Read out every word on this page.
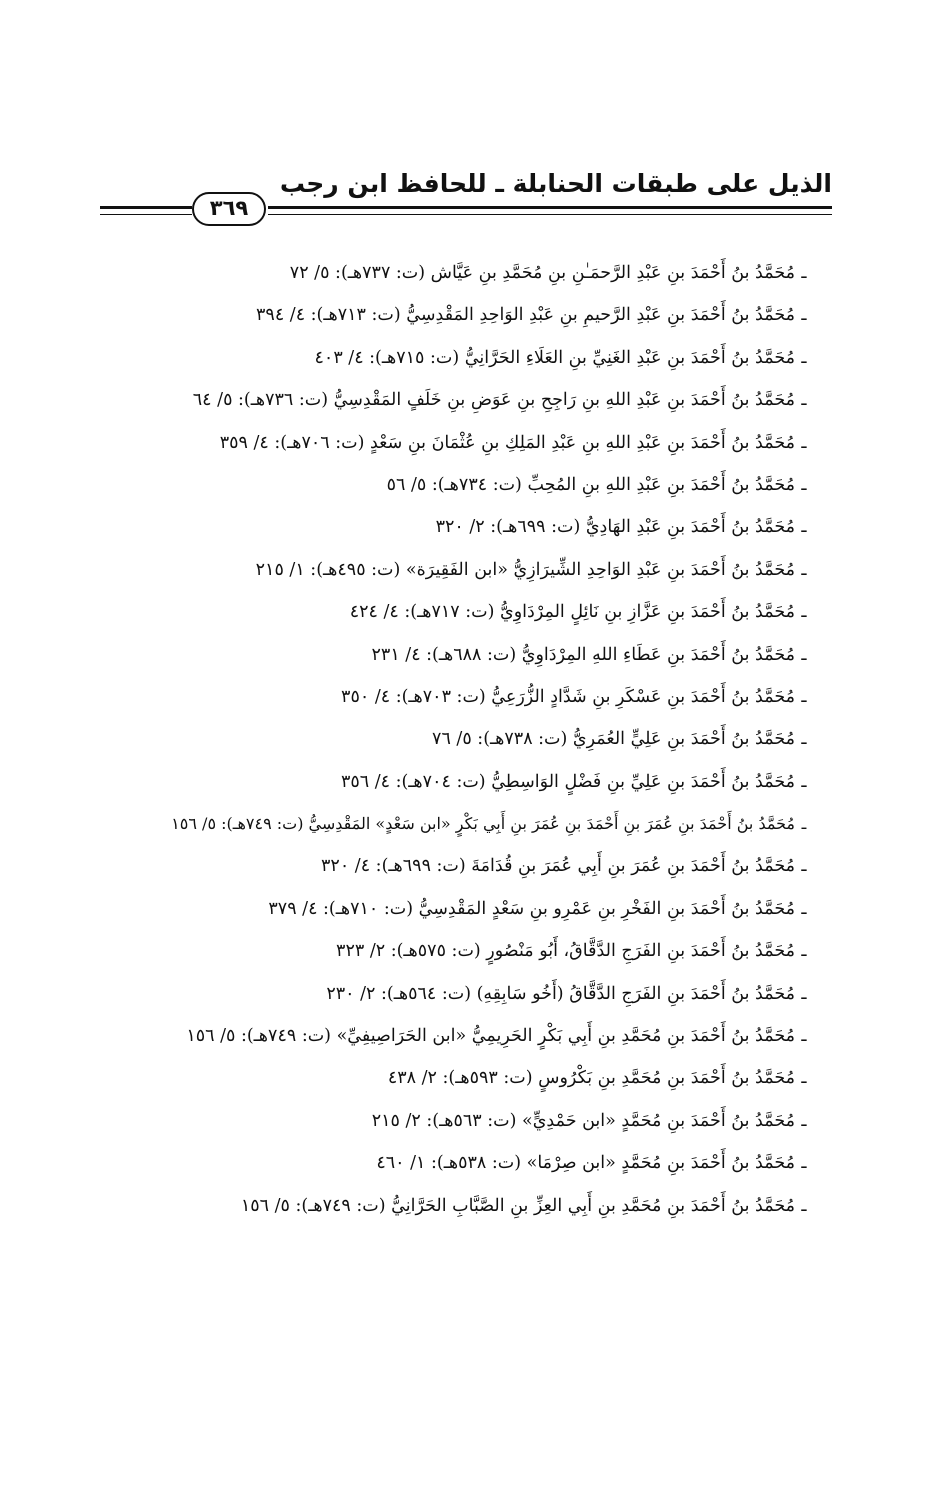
الذيل على طبقات الحنابلة ـ للحافظ ابن رجب
٣٦٩
ـ
مُحَمَّدُ بنُ أَحْمَدَ بنِ عَبْدِ الرَّحمَـٰنِ بنِ مُحَمَّدِ بنِ عَيَّاش (ت: ٧٣٧هـ): ٥/ ٧٢
ـ
مُحَمَّدُ بنُ أَحْمَدَ بنِ عَبْدِ الرَّحيمِ بنِ عَبْدِ الوَاحِدِ المَقْدِسِيُّ (ت: ٧١٣هـ): ٤/ ٣٩٤
ـ
مُحَمَّدُ بنُ أَحْمَدَ بنِ عَبْدِ الغَنِيِّ بنِ العَلَاءِ الحَرَّانِيُّ (ت: ٧١٥هـ): ٤/ ٤٠٣
ـ
مُحَمَّدُ بنُ أَحْمَدَ بنِ عَبْدِ اللهِ بنِ رَاجِحِ بنِ عَوَضِ بنِ خَلَفٍ المَقْدِسِيُّ (ت: ٧٣٦هـ): ٥/ ٦٤
ـ
مُحَمَّدُ بنُ أَحْمَدَ بنِ عَبْدِ اللهِ بنِ عَبْدِ المَلِكِ بنِ عُثْمَانَ بنِ سَعْدٍ (ت: ٧٠٦هـ): ٤/ ٣٥٩
ـ
مُحَمَّدُ بنُ أَحْمَدَ بنِ عَبْدِ اللهِ بنِ المُحِبِّ (ت: ٧٣٤هـ): ٥/ ٥٦
ـ
مُحَمَّدُ بنُ أَحْمَدَ بنِ عَبْدِ الهَادِيُّ (ت: ٦٩٩هـ): ٢/ ٣٢٠
ـ
مُحَمَّدُ بنُ أَحْمَدَ بنِ عَبْدِ الوَاحِدِ الشِّيرَازِيُّ «ابن الفَقِيرَة» (ت: ٤٩٥هـ): ١/ ٢١٥
ـ
مُحَمَّدُ بنُ أَحْمَدَ بنِ عَزَّازِ بنِ نَائِلٍ المِرْدَاوِيُّ (ت: ٧١٧هـ): ٤/ ٤٢٤
ـ
مُحَمَّدُ بنُ أَحْمَدَ بنِ عَطَاءِ اللهِ المِرْدَاوِيُّ (ت: ٦٨٨هـ): ٤/ ٢٣١
ـ
مُحَمَّدُ بنُ أَحْمَدَ بنِ عَسْكَرِ بنِ شَدَّادٍ الزُّرَعِيُّ (ت: ٧٠٣هـ): ٤/ ٣٥٠
ـ
مُحَمَّدُ بنُ أَحْمَدَ بنِ عَلِيٍّ العُمَرِيُّ (ت: ٧٣٨هـ): ٥/ ٧٦
ـ
مُحَمَّدُ بنُ أَحْمَدَ بنِ عَلِيِّ بنِ فَضْلٍ الوَاسِطِيُّ (ت: ٧٠٤هـ): ٤/ ٣٥٦
ـ
مُحَمَّدُ بنُ أَحْمَدَ بنِ عُمَرَ بنِ أَحْمَدَ بنِ عُمَرَ بنِ أَبِي بَكْرٍ «ابن سَعْدٍ» المَقْدِسِيُّ (ت: ٧٤٩هـ): ٥/ ١٥٦
ـ
مُحَمَّدُ بنُ أَحْمَدَ بنِ عُمَرَ بنِ أَبِي عُمَرَ بنِ قُدَامَةَ (ت: ٦٩٩هـ): ٤/ ٣٢٠
ـ
مُحَمَّدُ بنُ أَحْمَدَ بنِ الفَخْرِ بنِ عَمْرِو بنِ سَعْدٍ المَقْدِسِيُّ (ت: ٧١٠هـ): ٤/ ٣٧٩
ـ
مُحَمَّدُ بنُ أَحْمَدَ بنِ الفَرَجِ الدَّقَّاقُ، أَبُو مَنْصُورٍ (ت: ٥٧٥هـ): ٢/ ٣٢٣
ـ
مُحَمَّدُ بنُ أَحْمَدَ بنِ الفَرَجِ الدَّقَّاقُ (أَخُو سَابِقِهِ) (ت: ٥٦٤هـ): ٢/ ٢٣٠
ـ
مُحَمَّدُ بنُ أَحْمَدَ بنِ مُحَمَّدِ بنِ أَبِي بَكْرٍ الحَرِيمِيُّ «ابن الحَرَاصِيفِيِّ» (ت: ٧٤٩هـ): ٥/ ١٥٦
ـ
مُحَمَّدُ بنُ أَحْمَدَ بنِ مُحَمَّدِ بنِ بَكْرُوسٍ (ت: ٥٩٣هـ): ٢/ ٤٣٨
ـ
مُحَمَّدُ بنُ أَحْمَدَ بنِ مُحَمَّدٍ «ابن حَمْدِيٍّ» (ت: ٥٦٣هـ): ٢/ ٢١٥
ـ
مُحَمَّدُ بنُ أَحْمَدَ بنِ مُحَمَّدٍ «ابن صِرْمَا» (ت: ٥٣٨هـ): ١/ ٤٦٠
ـ
مُحَمَّدُ بنُ أَحْمَدَ بنِ مُحَمَّدِ بنِ أَبِي العِزِّ بنِ الصَّبَّابِ الحَرَّانِيُّ (ت: ٧٤٩هـ): ٥/ ١٥٦
